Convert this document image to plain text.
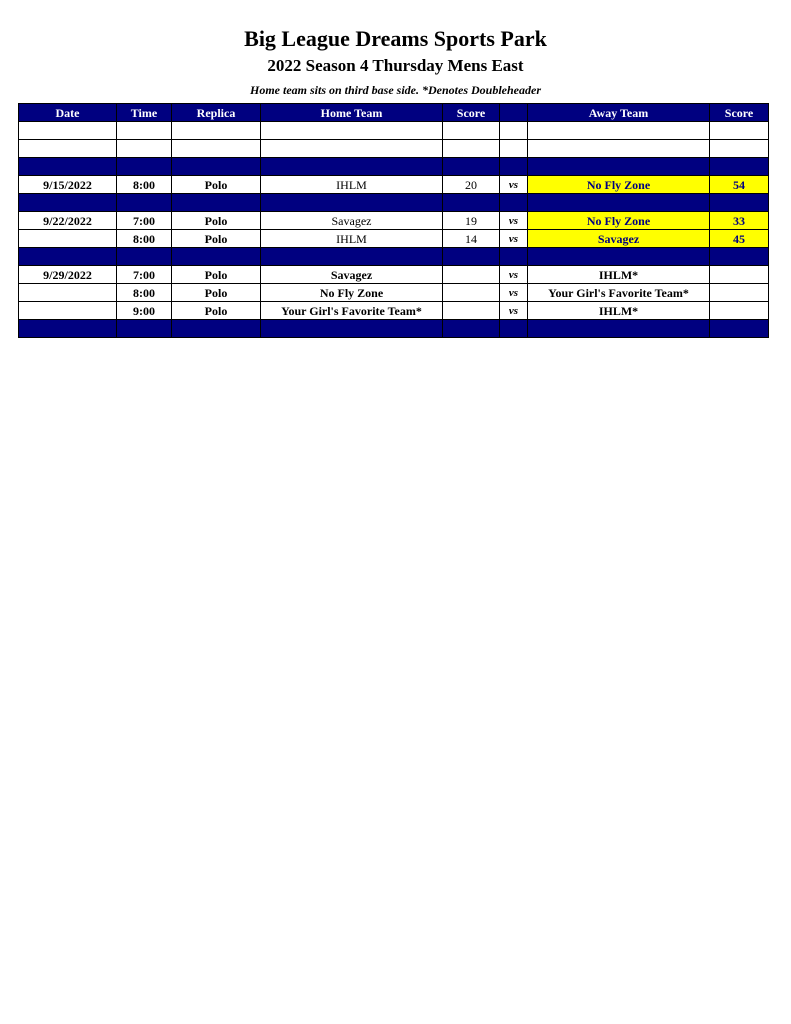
Big League Dreams Sports Park
2022 Season 4 Thursday Mens East
Home team sits on third base side. *Denotes Doubleheader
Date	Time	Replica	Home Team	Score		Away Team	Score

9/15/2022	8:00	Polo	IHLM	20	vs	No Fly Zone	54

9/22/2022	7:00	Polo	Savagez	19	vs	No Fly Zone	33
	8:00	Polo	IHLM	14	vs	Savagez	45

9/29/2022	7:00	Polo	Savagez		vs	IHLM*	
	8:00	Polo	No Fly Zone		vs	Your Girl's Favorite Team*	
	9:00	Polo	Your Girl's Favorite Team*		vs	IHLM*	
